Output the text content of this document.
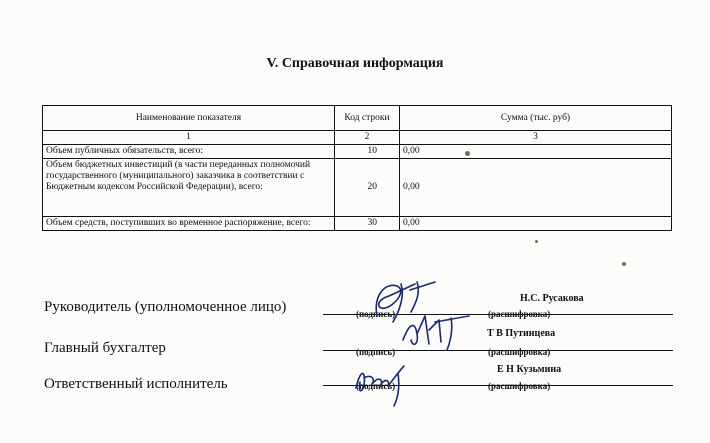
V. Справочная информация
Наименование показателя	Код строки	Сумма (тыс. руб)
1	2	3
Объем публичных обязательств, всего:	10	0,00
Объем бюджетных инвестиций (в части переданных полномочий государственного (муниципального) заказчика в соответствии с Бюджетным кодексом Российской Федерации), всего:	20	0,00
Объем средств, поступивших во временное распоряжение, всего:	30	0,00
Руководитель (уполномоченное лицо)
Н.С. Русакова
(подпись)	(расшифровка)
Главный бухгалтер
Т В Путинцева
(подпись)	(расшифровка)
Ответственный исполнитель
Е Н Кузьмина
(подпись)	(расшифровка)
